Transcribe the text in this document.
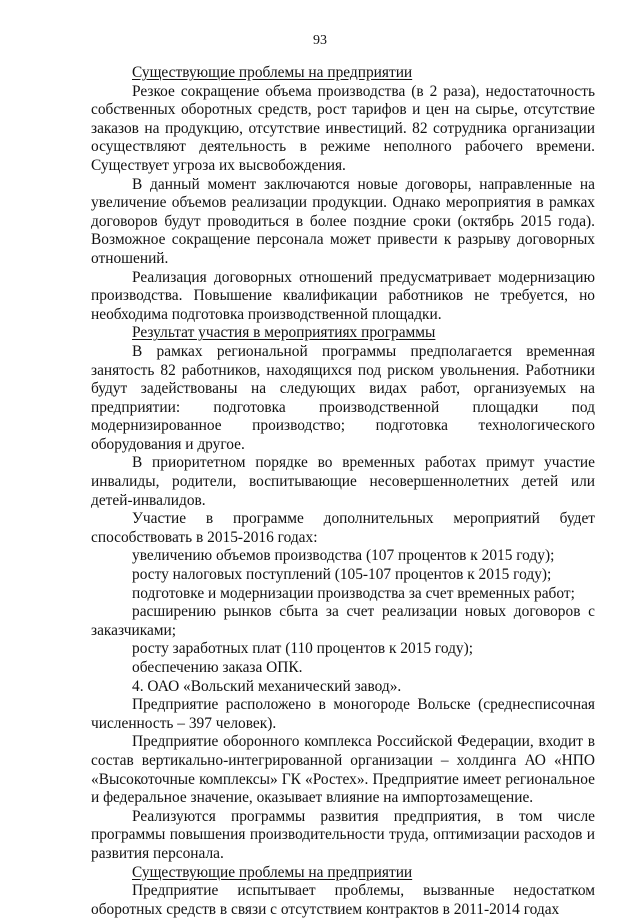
93

Существующие проблемы на предприятии

Резкое сокращение объема производства (в 2 раза), недостаточность собственных оборотных средств, рост тарифов и цен на сырье, отсутствие заказов на продукцию, отсутствие инвестиций. 82 сотрудника организации осуществляют деятельность в режиме неполного рабочего времени. Существует угроза их высвобождения.

В данный момент заключаются новые договоры, направленные на увеличение объемов реализации продукции. Однако мероприятия в рамках договоров будут проводиться в более поздние сроки (октябрь 2015 года). Возможное сокращение персонала может привести к разрыву договорных отношений.

Реализация договорных отношений предусматривает модернизацию производства. Повышение квалификации работников не требуется, но необходима подготовка производственной площадки.

Результат участия в мероприятиях программы

В рамках региональной программы предполагается временная занятость 82 работников, находящихся под риском увольнения. Работники будут задействованы на следующих видах работ, организуемых на предприятии: подготовка производственной площадки под модернизированное производство; подготовка технологического оборудования и другое.

В приоритетном порядке во временных работах примут участие инвалиды, родители, воспитывающие несовершеннолетних детей или детей-инвалидов.

Участие в программе дополнительных мероприятий будет способствовать в 2015-2016 годах:

увеличению объемов производства (107 процентов к 2015 году);

росту налоговых поступлений (105-107 процентов к 2015 году);

подготовке и модернизации производства за счет временных работ;

расширению рынков сбыта за счет реализации новых договоров с заказчиками;

росту заработных плат (110 процентов к 2015 году);

обеспечению заказа ОПК.

4. ОАО «Вольский механический завод».

Предприятие расположено в моногороде Вольске (среднесписочная численность – 397 человек).

Предприятие оборонного комплекса Российской Федерации, входит в состав вертикально-интегрированной организации – холдинга АО «НПО «Высокоточные комплексы» ГК «Ростех». Предприятие имеет региональное и федеральное значение, оказывает влияние на импортозамещение.

Реализуются программы развития предприятия, в том числе программы повышения производительности труда, оптимизации расходов и развития персонала.

Существующие проблемы на предприятии

Предприятие испытывает проблемы, вызванные недостатком оборотных средств в связи с отсутствием контрактов в 2011-2014 годах
